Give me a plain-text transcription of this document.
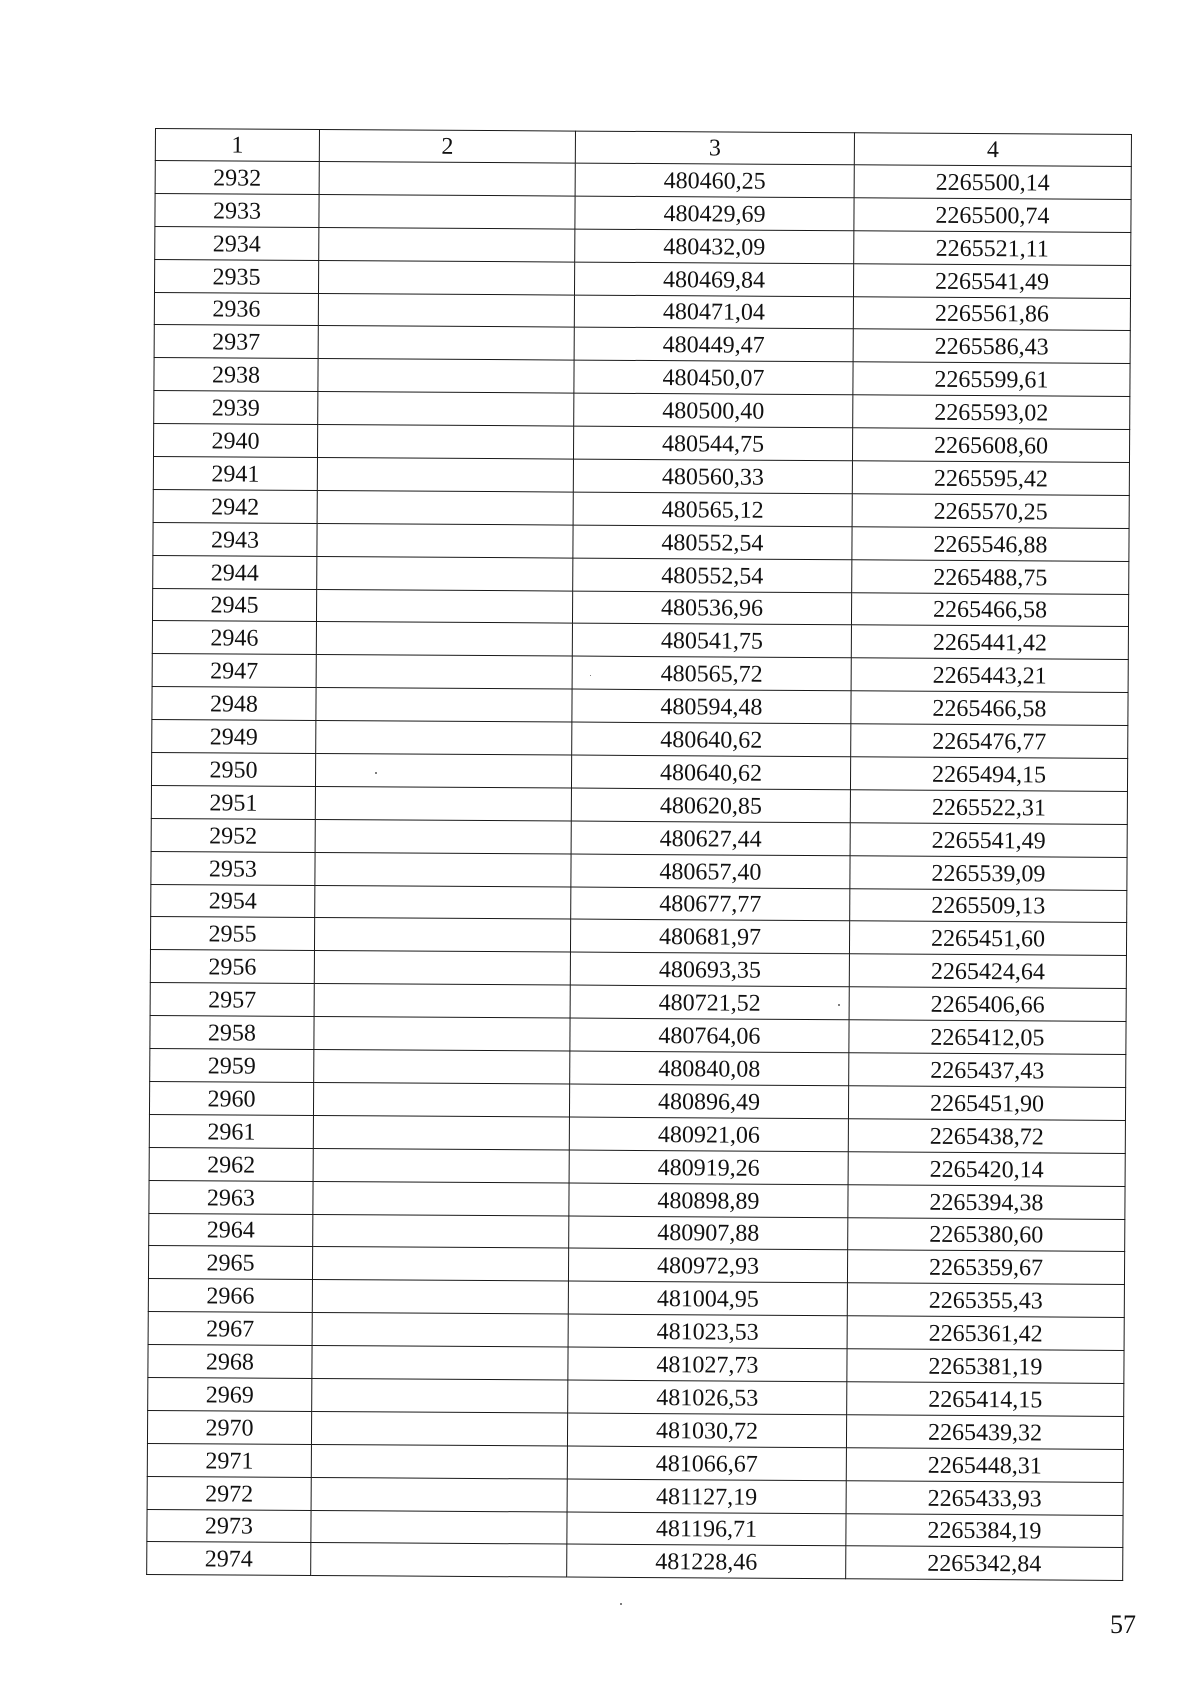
1	2	3	4
2932		480460,25	2265500,14
2933		480429,69	2265500,74
2934		480432,09	2265521,11
2935		480469,84	2265541,49
2936		480471,04	2265561,86
2937		480449,47	2265586,43
2938		480450,07	2265599,61
2939		480500,40	2265593,02
2940		480544,75	2265608,60
2941		480560,33	2265595,42
2942		480565,12	2265570,25
2943		480552,54	2265546,88
2944		480552,54	2265488,75
2945		480536,96	2265466,58
2946		480541,75	2265441,42
2947		480565,72	2265443,21
2948		480594,48	2265466,58
2949		480640,62	2265476,77
2950		480640,62	2265494,15
2951		480620,85	2265522,31
2952		480627,44	2265541,49
2953		480657,40	2265539,09
2954		480677,77	2265509,13
2955		480681,97	2265451,60
2956		480693,35	2265424,64
2957		480721,52	2265406,66
2958		480764,06	2265412,05
2959		480840,08	2265437,43
2960		480896,49	2265451,90
2961		480921,06	2265438,72
2962		480919,26	2265420,14
2963		480898,89	2265394,38
2964		480907,88	2265380,60
2965		480972,93	2265359,67
2966		481004,95	2265355,43
2967		481023,53	2265361,42
2968		481027,73	2265381,19
2969		481026,53	2265414,15
2970		481030,72	2265439,32
2971		481066,67	2265448,31
2972		481127,19	2265433,93
2973		481196,71	2265384,19
2974		481228,46	2265342,84
57
